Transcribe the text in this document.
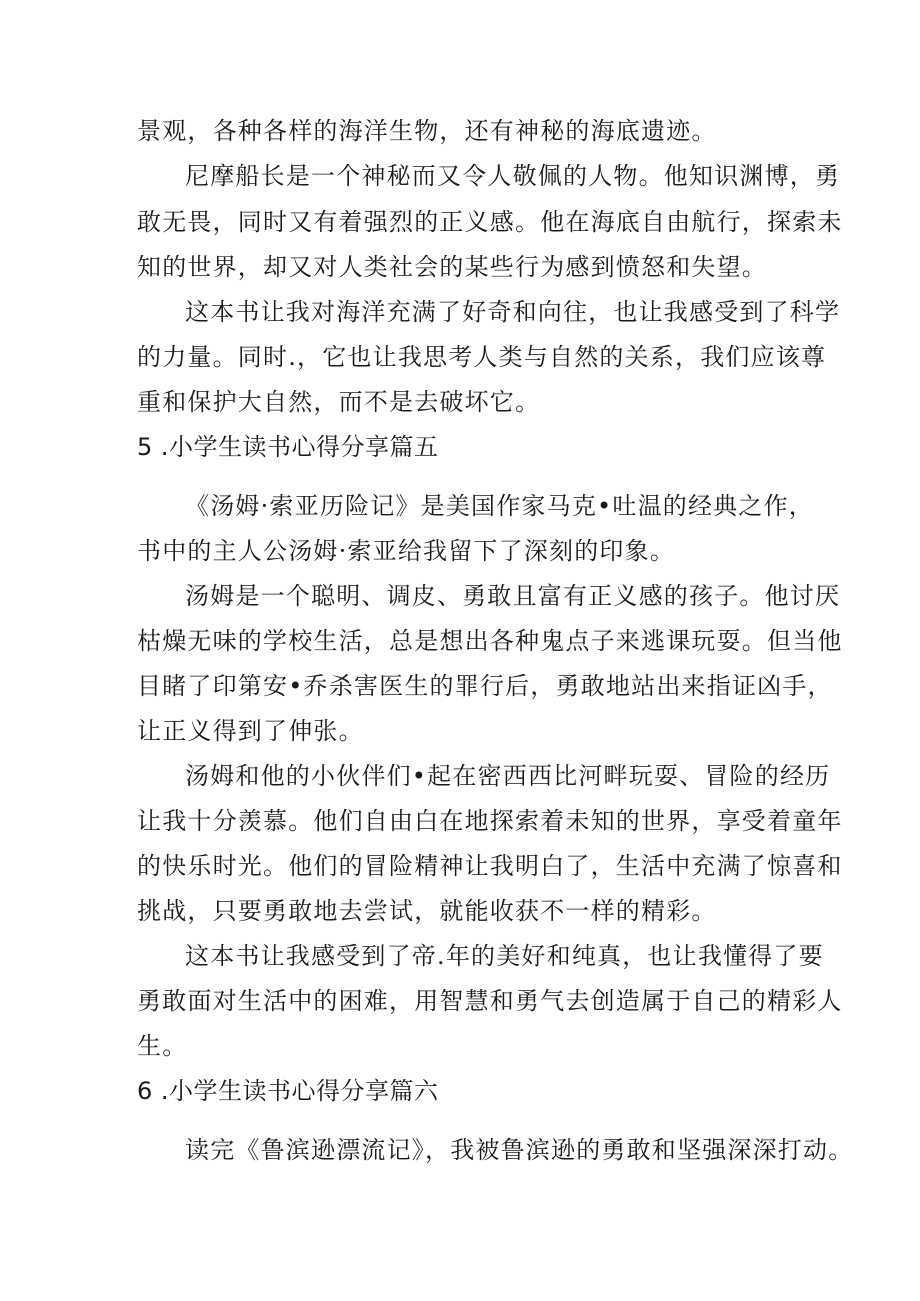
景观，各种各样的海洋生物，还有神秘的海底遗迹。

尼摩船长是一个神秘而又令人敬佩的人物。他知识渊博，勇

敢无畏，同时又有着强烈的正义感。他在海底自由航行，探索未

知的世界，却又对人类社会的某些行为感到愤怒和失望。

这本书让我对海洋充满了好奇和向往，也让我感受到了科学

的力量。同时.，它也让我思考人类与自然的关系，我们应该尊

重和保护大自然，而不是去破坏它。

5 .小学生读书心得分享篇五

《汤姆·索亚历险记》是美国作家马克•吐温的经典之作，

书中的主人公汤姆·索亚给我留下了深刻的印象。

汤姆是一个聪明、调皮、勇敢且富有正义感的孩子。他讨厌

枯燥无味的学校生活，总是想出各种鬼点子来逃课玩耍。但当他

目睹了印第安•乔杀害医生的罪行后，勇敢地站出来指证凶手，

让正义得到了伸张。

汤姆和他的小伙伴们•起在密西西比河畔玩耍、冒险的经历

让我十分羡慕。他们自由白在地探索着未知的世界，享受着童年

的快乐时光。他们的冒险精神让我明白了，生活中充满了惊喜和

挑战，只要勇敢地去尝试，就能收获不一样的精彩。

这本书让我感受到了帝.年的美好和纯真，也让我懂得了要

勇敢面对生活中的困难，用智慧和勇气去创造属于自己的精彩人

生。

6 .小学生读书心得分享篇六

读完《鲁滨逊漂流记》，我被鲁滨逊的勇敢和坚强深深打动。
